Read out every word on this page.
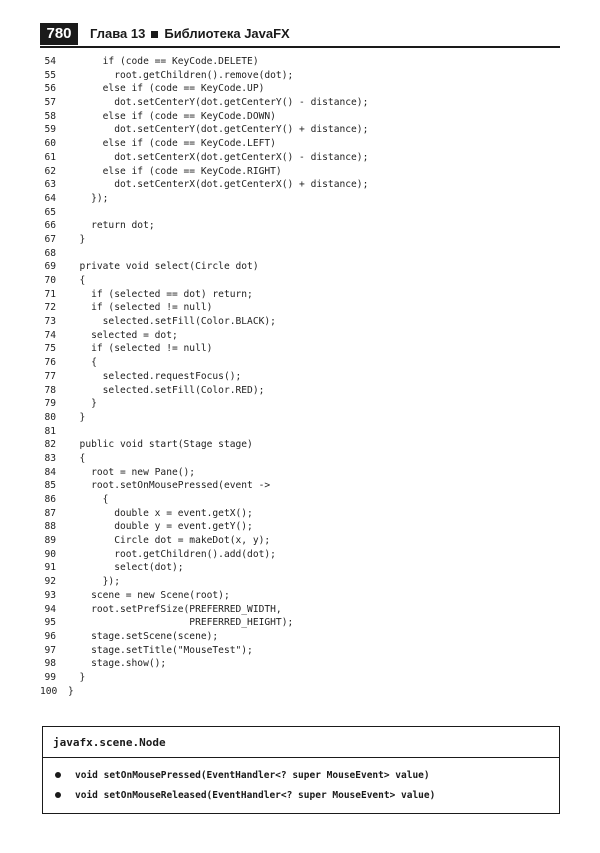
780	Глава 13 Библиотека JavaFX
54      if (code == KeyCode.DELETE)
55        root.getChildren().remove(dot);
56      else if (code == KeyCode.UP)
57        dot.setCenterY(dot.getCenterY() - distance);
58      else if (code == KeyCode.DOWN)
59        dot.setCenterY(dot.getCenterY() + distance);
60      else if (code == KeyCode.LEFT)
61        dot.setCenterX(dot.getCenterX() - distance);
62      else if (code == KeyCode.RIGHT)
63        dot.setCenterX(dot.getCenterX() + distance);
64    });
65
66    return dot;
67  }
68
69  private void select(Circle dot)
70  {
71    if (selected == dot) return;
72    if (selected != null)
73      selected.setFill(Color.BLACK);
74    selected = dot;
75    if (selected != null)
76    {
77      selected.requestFocus();
78      selected.setFill(Color.RED);
79    }
80  }
81
82  public void start(Stage stage)
83  {
84    root = new Pane();
85    root.setOnMousePressed(event ->
86      {
87        double x = event.getX();
88        double y = event.getY();
89        Circle dot = makeDot(x, y);
90        root.getChildren().add(dot);
91        select(dot);
92      });
93    scene = new Scene(root);
94    root.setPrefSize(PREFERRED_WIDTH,
95                     PREFERRED_HEIGHT);
96    stage.setScene(scene);
97    stage.setTitle("MouseTest");
98    stage.show();
99  }
100 }
javafx.scene.Node
void setOnMousePressed(EventHandler<? super MouseEvent> value)
void setOnMouseReleased(EventHandler<? super MouseEvent> value)
